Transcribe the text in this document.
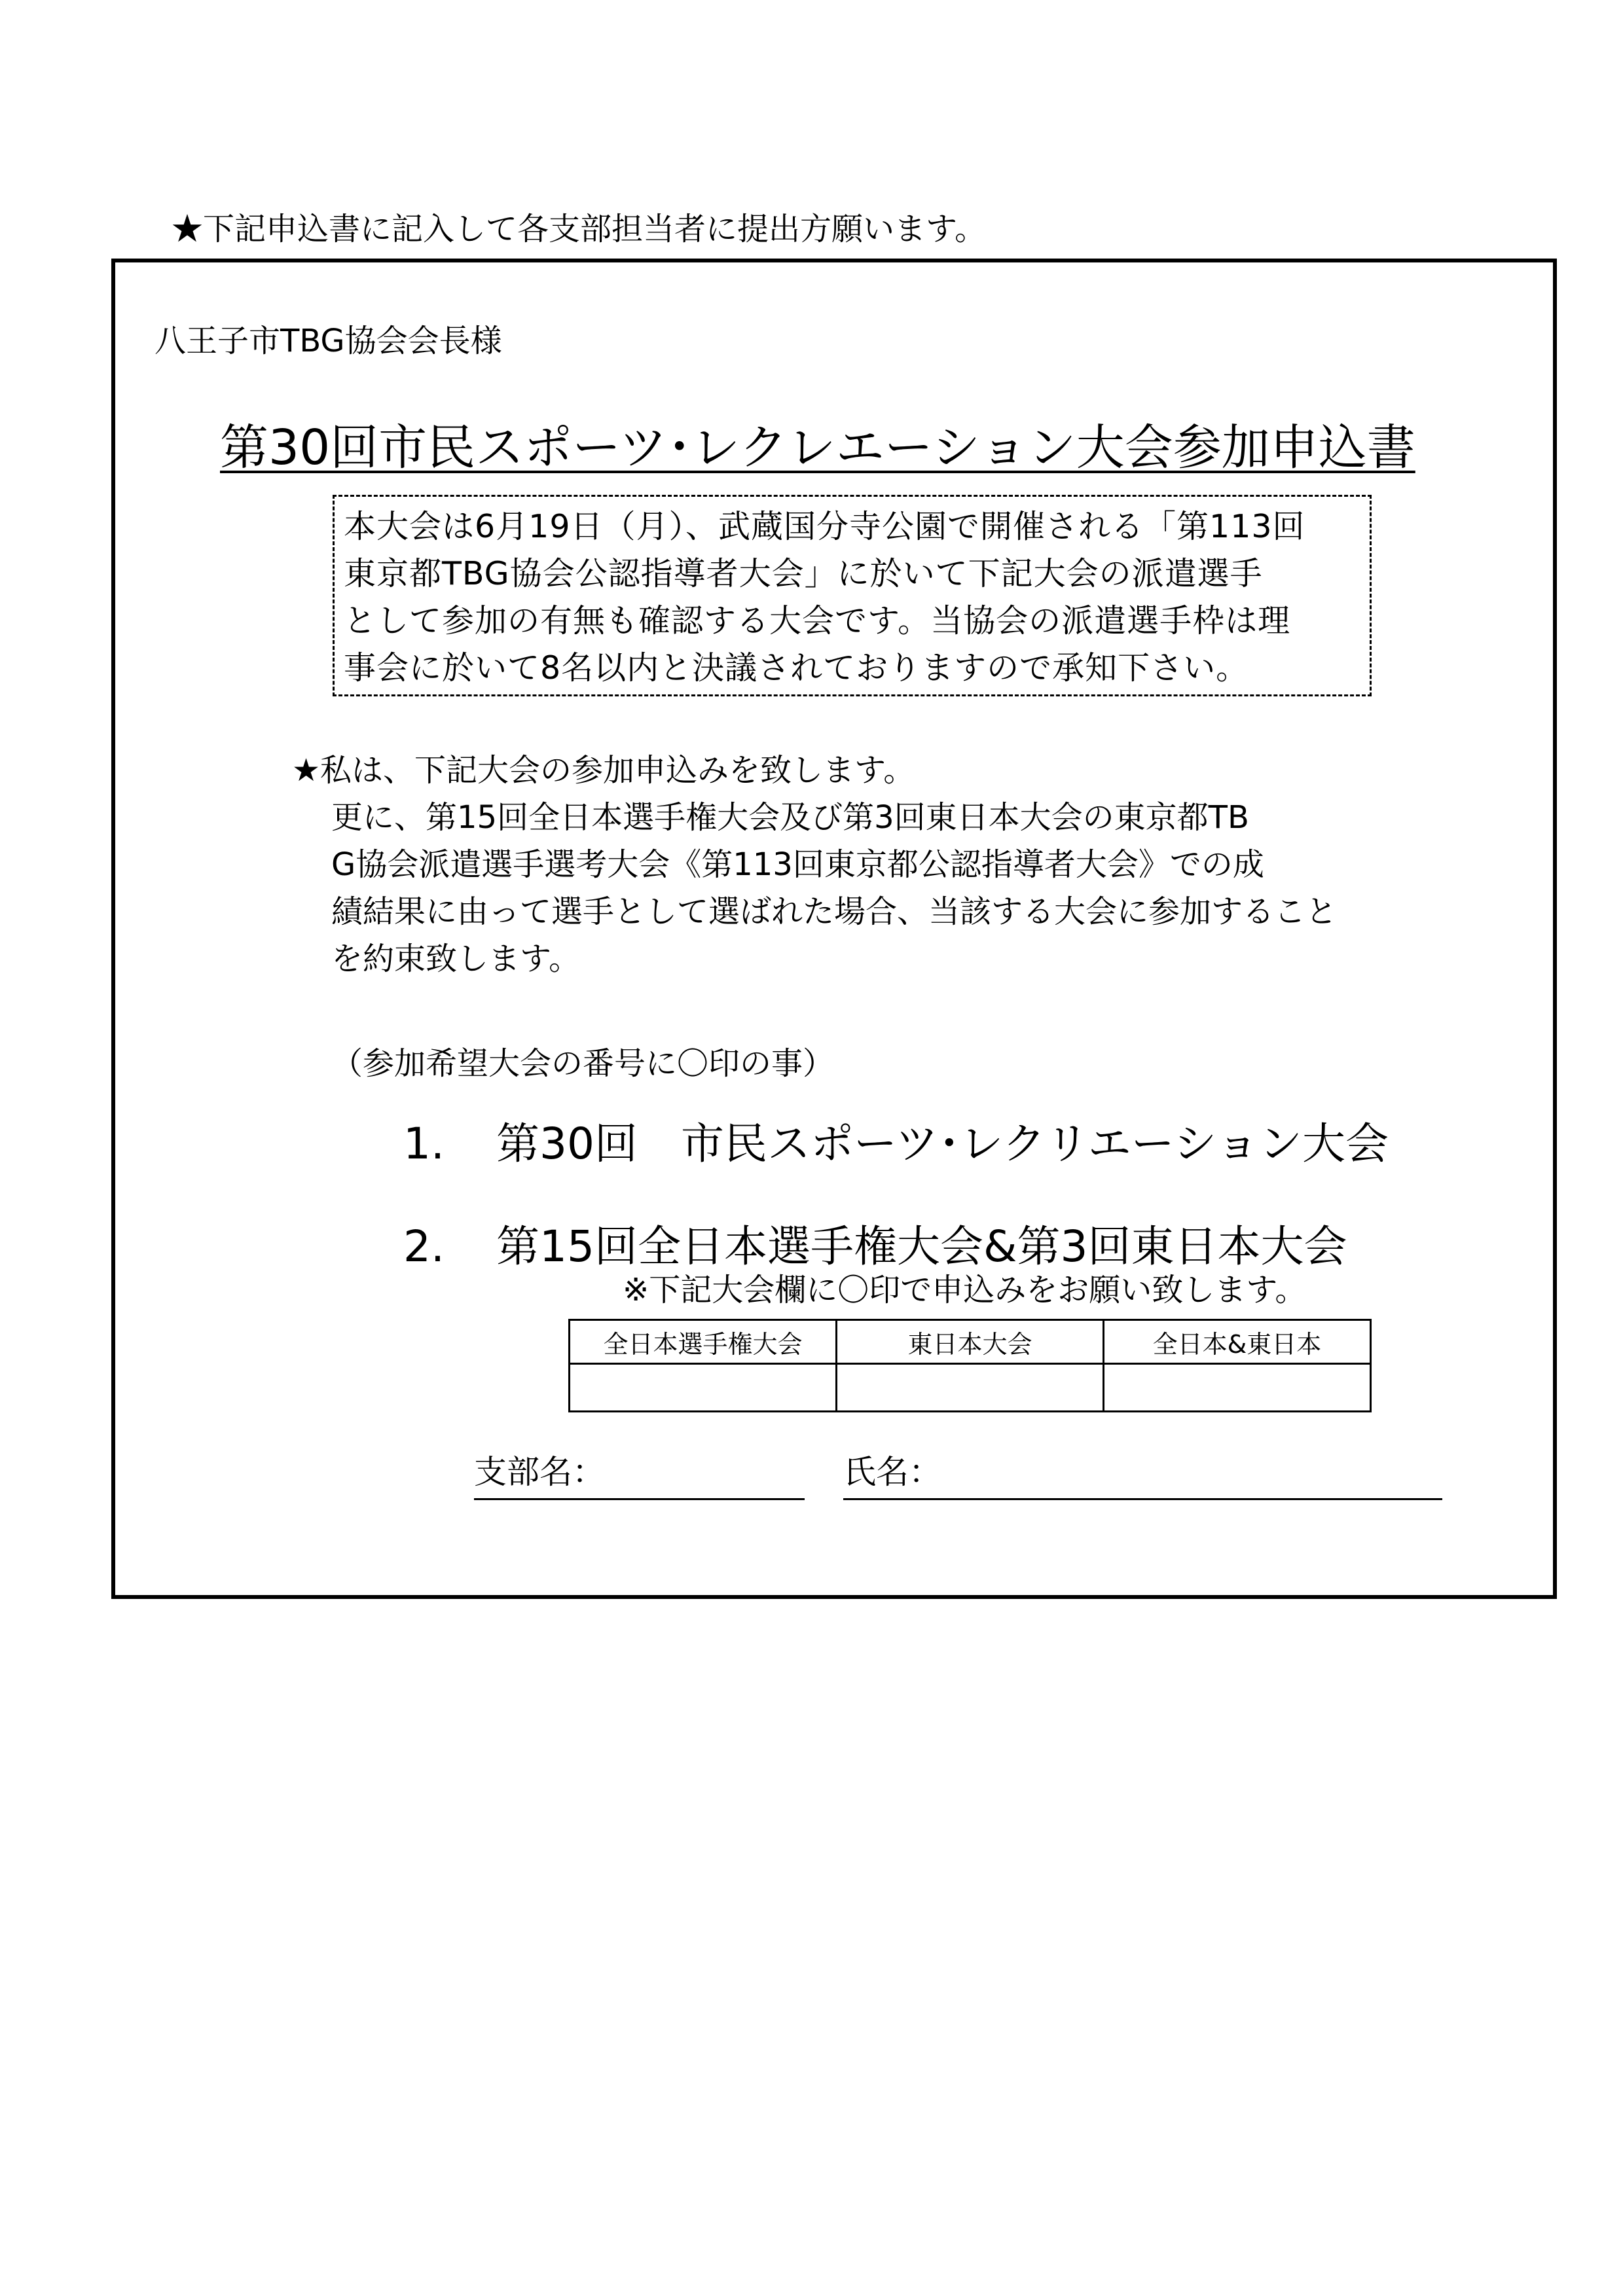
★下記申込書に記入して各支部担当者に提出方願います。
八王子市TBG協会会長様
第30回市民スポーツ･レクレエーション大会参加申込書
本大会は6月19日（月）、武蔵国分寺公園で開催される「第113回
東京都TBG協会公認指導者大会」に於いて下記大会の派遣選手
として参加の有無も確認する大会です。当協会の派遣選手枠は理
事会に於いて8名以内と決議されておりますので承知下さい。
★私は、下記大会の参加申込みを致します。
更に、第15回全日本選手権大会及び第3回東日本大会の東京都TB
G協会派遣選手選考大会《第113回東京都公認指導者大会》での成
績結果に由って選手として選ばれた場合、当該する大会に参加すること
を約束致します。
（参加希望大会の番号に〇印の事）
1. 第30回　市民スポーツ･レクリエーション大会
2. 第15回全日本選手権大会&第3回東日本大会
※下記大会欄に〇印で申込みをお願い致します。
全日本選手権大会	東日本大会	全日本&東日本

支部名：	氏名：
